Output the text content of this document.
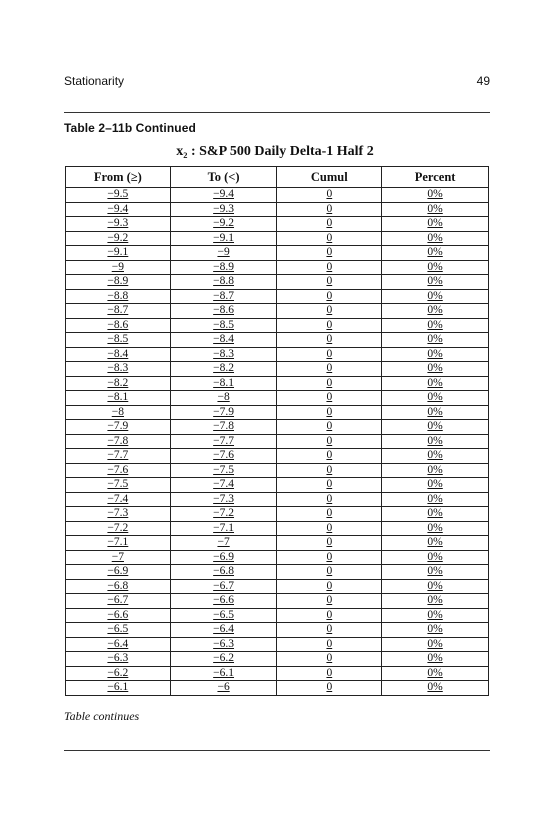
Stationarity	49
Table 2–11b Continued
x₂ : S&P 500 Daily Delta-1 Half 2
From (≥)	To (<)	Cumul	Percent
−9.5	−9.4	0	0%
−9.4	−9.3	0	0%
−9.3	−9.2	0	0%
−9.2	−9.1	0	0%
−9.1	−9	0	0%
−9	−8.9	0	0%
−8.9	−8.8	0	0%
−8.8	−8.7	0	0%
−8.7	−8.6	0	0%
−8.6	−8.5	0	0%
−8.5	−8.4	0	0%
−8.4	−8.3	0	0%
−8.3	−8.2	0	0%
−8.2	−8.1	0	0%
−8.1	−8	0	0%
−8	−7.9	0	0%
−7.9	−7.8	0	0%
−7.8	−7.7	0	0%
−7.7	−7.6	0	0%
−7.6	−7.5	0	0%
−7.5	−7.4	0	0%
−7.4	−7.3	0	0%
−7.3	−7.2	0	0%
−7.2	−7.1	0	0%
−7.1	−7	0	0%
−7	−6.9	0	0%
−6.9	−6.8	0	0%
−6.8	−6.7	0	0%
−6.7	−6.6	0	0%
−6.6	−6.5	0	0%
−6.5	−6.4	0	0%
−6.4	−6.3	0	0%
−6.3	−6.2	0	0%
−6.2	−6.1	0	0%
−6.1	−6	0	0%
Table continues
